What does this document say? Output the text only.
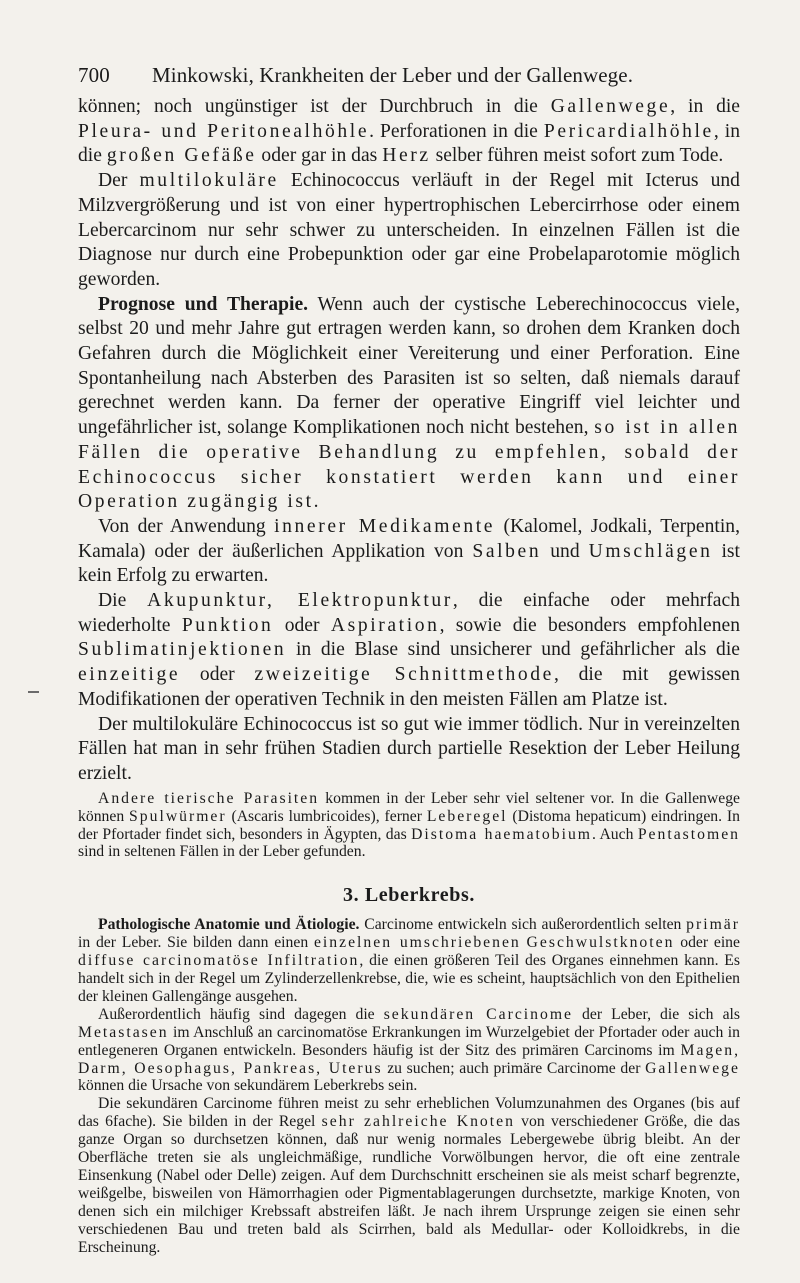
700 Minkowski, Krankheiten der Leber und der Gallenwege.

können; noch ungünstiger ist der Durchbruch in die Gallenwege, in die Pleura- und Peritonealhöhle. Perforationen in die Pericardialhöhle, in die großen Gefäße oder gar in das Herz selber führen meist sofort zum Tode.

Der multilokuläre Echinococcus verläuft in der Regel mit Icterus und Milzvergrößerung und ist von einer hypertrophischen Lebercirrhose oder einem Lebercarcinom nur sehr schwer zu unterscheiden. In einzelnen Fällen ist die Diagnose nur durch eine Probepunktion oder gar eine Probelaparotomie möglich geworden.

Prognose und Therapie. Wenn auch der cystische Leberechinococcus viele, selbst 20 und mehr Jahre gut ertragen werden kann, so drohen dem Kranken doch Gefahren durch die Möglichkeit einer Vereiterung und einer Perforation. Eine Spontanheilung nach Absterben des Parasiten ist so selten, daß niemals darauf gerechnet werden kann. Da ferner der operative Eingriff viel leichter und ungefährlicher ist, solange Komplikationen noch nicht bestehen, so ist in allen Fällen die operative Behandlung zu empfehlen, sobald der Echinococcus sicher konstatiert werden kann und einer Operation zugängig ist.

Von der Anwendung innerer Medikamente (Kalomel, Jodkali, Terpentin, Kamala) oder der äußerlichen Applikation von Salben und Umschlägen ist kein Erfolg zu erwarten.

Die Akupunktur, Elektropunktur, die einfache oder mehrfach wiederholte Punktion oder Aspiration, sowie die besonders empfohlenen Sublimatinjektionen in die Blase sind unsicherer und gefährlicher als die einzeitige oder zweizeitige Schnittmethode, die mit gewissen Modifikationen der operativen Technik in den meisten Fällen am Platze ist.

Der multilokuläre Echinococcus ist so gut wie immer tödlich. Nur in vereinzelten Fällen hat man in sehr frühen Stadien durch partielle Resektion der Leber Heilung erzielt.

Andere tierische Parasiten kommen in der Leber sehr viel seltener vor. In die Gallenwege können Spulwürmer (Ascaris lumbricoides), ferner Leberegel (Distoma hepaticum) eindringen. In der Pfortader findet sich, besonders in Ägypten, das Distoma haematobium. Auch Pentastomen sind in seltenen Fällen in der Leber gefunden.

3. Leberkrebs.

Pathologische Anatomie und Ätiologie. Carcinome entwickeln sich außerordentlich selten primär in der Leber. Sie bilden dann einen einzelnen umschriebenen Geschwulstknoten oder eine diffuse carcinomatöse Infiltration, die einen größeren Teil des Organes einnehmen kann. Es handelt sich in der Regel um Zylinderzellenkrebse, die, wie es scheint, hauptsächlich von den Epithelien der kleinen Gallengänge ausgehen.

Außerordentlich häufig sind dagegen die sekundären Carcinome der Leber, die sich als Metastasen im Anschluß an carcinomatöse Erkrankungen im Wurzelgebiet der Pfortader oder auch in entlegeneren Organen entwickeln. Besonders häufig ist der Sitz des primären Carcinoms im Magen, Darm, Oesophagus, Pankreas, Uterus zu suchen; auch primäre Carcinome der Gallenwege können die Ursache von sekundärem Leberkrebs sein.

Die sekundären Carcinome führen meist zu sehr erheblichen Volumzunahmen des Organes (bis auf das 6fache). Sie bilden in der Regel sehr zahlreiche Knoten von verschiedener Größe, die das ganze Organ so durchsetzen können, daß nur wenig normales Lebergewebe übrig bleibt. An der Oberfläche treten sie als ungleichmäßige, rundliche Vorwölbungen hervor, die oft eine zentrale Einsenkung (Nabel oder Delle) zeigen. Auf dem Durchschnitt erscheinen sie als meist scharf begrenzte, weißgelbe, bisweilen von Hämorrhagien oder Pigmentablagerungen durchsetzte, markige Knoten, von denen sich ein milchiger Krebssaft abstreifen läßt. Je nach ihrem Ursprunge zeigen sie einen sehr verschiedenen Bau und treten bald als Scirrhen, bald als Medullar- oder Kolloidkrebs, in die Erscheinung.
